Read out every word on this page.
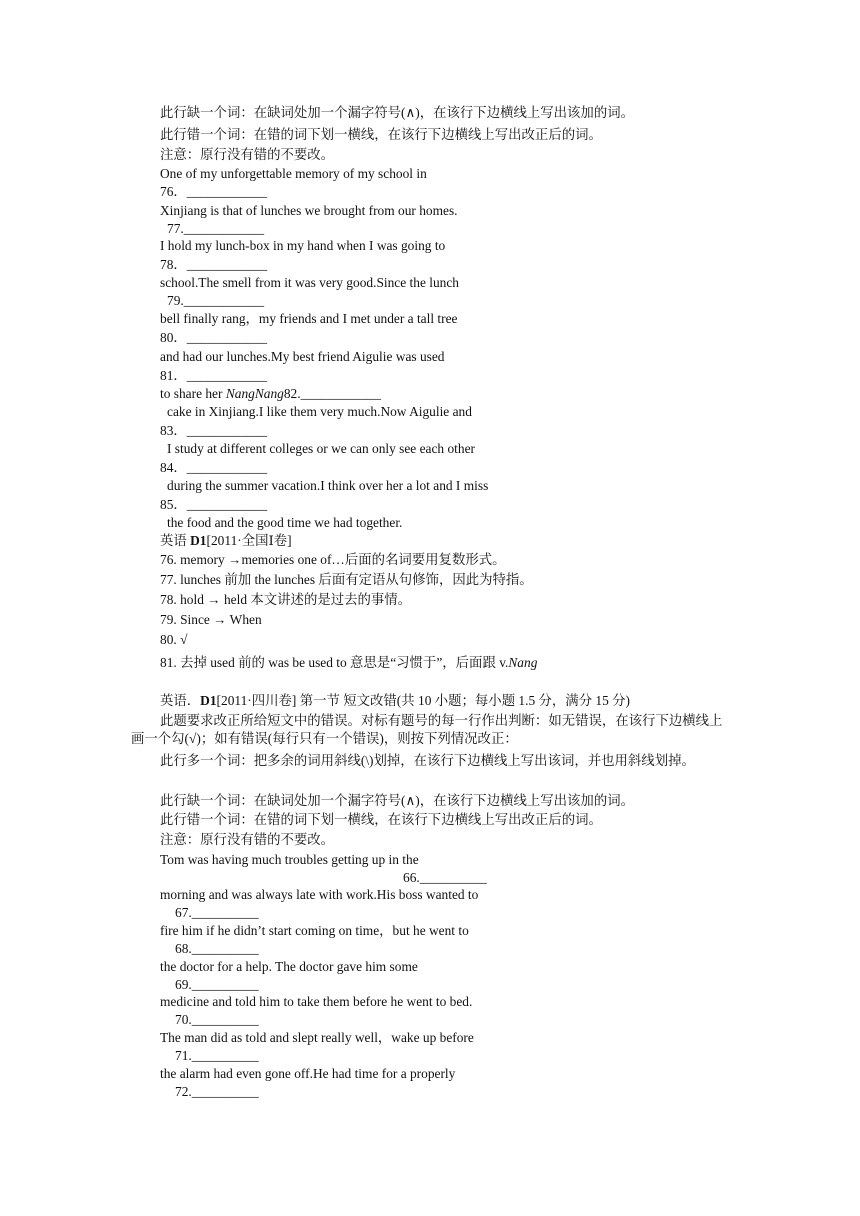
此行缺一个词：在缺词处加一个漏字符号(∧)，在该行下边横线上写出该加的词。
此行错一个词：在错的词下划一横线，在该行下边横线上写出改正后的词。
注意：原行没有错的不要改。
One of my unforgettable memory of my school in
76．____________
Xinjiang is that of lunches we brought from our homes.
77.____________
I hold my lunch-box in my hand when I was going to
78．____________
school.The smell from it was very good.Since the lunch
79.____________
bell finally rang，my friends and I met under a tall tree
80．____________
and had our lunches.My best friend Aigulie was used
81．____________
to share her NangNang82.____________
cake in Xinjiang.I like them very much.Now Aigulie and
83．____________
I study at different colleges or we can only see each other
84．____________
during the summer vacation.I think over her a lot and I miss
85．____________
the food and the good time we had together.
英语 D1[2011·全国Ⅰ卷]
76. memory →memories one of…后面的名词要用复数形式。
77. lunches 前加 the lunches 后面有定语从句修饰，因此为特指。
78. hold → held 本文讲述的是过去的事情。
79. Since → When
80. √
81. 去掉 used 前的 was be used to 意思是“习惯于”，后面跟 v.Nang
英语．D1[2011·四川卷] 第一节 短文改错(共 10 小题；每小题 1.5 分，满分 15 分)
此题要求改正所给短文中的错误。对标有题号的每一行作出判断：如无错误，在该行下边横线上画一个勾(√)；如有错误(每行只有一个错误)，则按下列情况改正：
此行多一个词：把多余的词用斜线(\)划掉，在该行下边横线上写出该词，并也用斜线划掉。
此行缺一个词：在缺词处加一个漏字符号(∧)，在该行下边横线上写出该加的词。
此行错一个词：在错的词下划一横线，在该行下边横线上写出改正后的词。
注意：原行没有错的不要改。
Tom was having much troubles getting up in the
66.__________
morning and was always late with work.His boss wanted to
67.__________
fire him if he didn’t start coming on time，but he went to
68.__________
the doctor for a help. The doctor gave him some
69.__________
medicine and told him to take them before he went to bed.
70.__________
The man did as told and slept really well，wake up before
71.__________
the alarm had even gone off.He had time for a properly
72.__________
